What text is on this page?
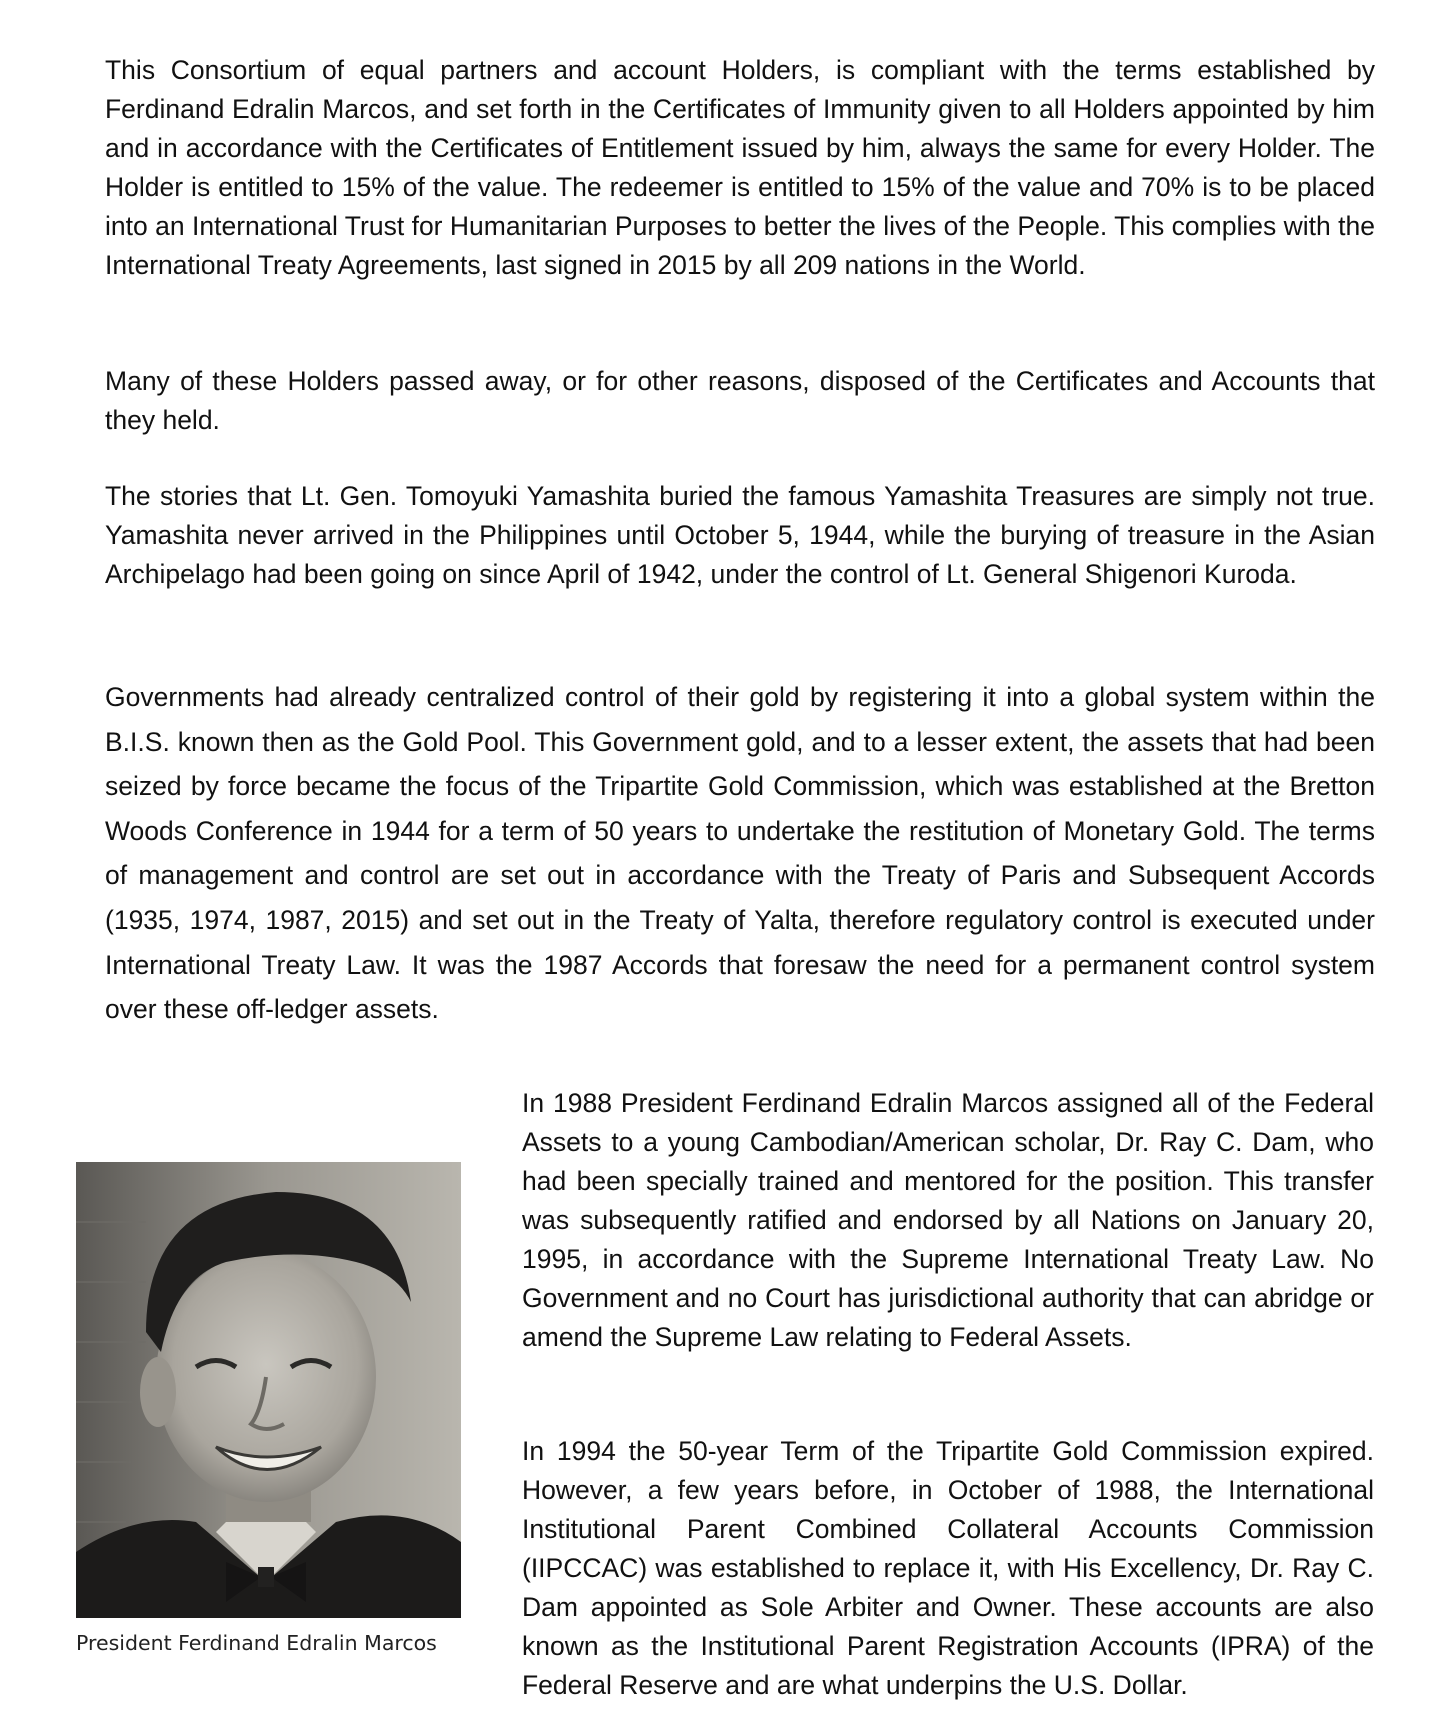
This Consortium of equal partners and account Holders, is compliant with the terms established by Ferdinand Edralin Marcos, and set forth in the Certificates of Immunity given to all Holders appointed by him and in accordance with the Certificates of Entitlement issued by him, always the same for every Holder. The Holder is entitled to 15% of the value. The redeemer is entitled to 15% of the value and 70% is to be placed into an International Trust for Humanitarian Purposes to better the lives of the People. This complies with the International Treaty Agreements, last signed in 2015 by all 209 nations in the World.

Many of these Holders passed away, or for other reasons, disposed of the Certificates and Accounts that they held.

The stories that Lt. Gen. Tomoyuki Yamashita buried the famous Yamashita Treasures are simply not true. Yamashita never arrived in the Philippines until October 5, 1944, while the burying of treasure in the Asian Archipelago had been going on since April of 1942, under the control of Lt. General Shigenori Kuroda.

Governments had already centralized control of their gold by registering it into a global system within the B.I.S. known then as the Gold Pool. This Government gold, and to a lesser extent, the assets that had been seized by force became the focus of the Tripartite Gold Commission, which was established at the Bretton Woods Conference in 1944 for a term of 50 years to undertake the restitution of Monetary Gold. The terms of management and control are set out in accordance with the Treaty of Paris and Subsequent Accords (1935, 1974, 1987, 2015) and set out in the Treaty of Yalta, therefore regulatory control is executed under International Treaty Law. It was the 1987 Accords that foresaw the need for a permanent control system over these off-ledger assets.

President Ferdinand Edralin Marcos

In 1988 President Ferdinand Edralin Marcos assigned all of the Federal Assets to a young Cambodian/American scholar, Dr. Ray C. Dam, who had been specially trained and mentored for the position. This transfer was subsequently ratified and endorsed by all Nations on January 20, 1995, in accordance with the Supreme International Treaty Law. No Government and no Court has jurisdictional authority that can abridge or amend the Supreme Law relating to Federal Assets.

In 1994 the 50-year Term of the Tripartite Gold Commission expired. However, a few years before, in October of 1988, the International Institutional Parent Combined Collateral Accounts Commission (IIPCCAC) was established to replace it, with His Excellency, Dr. Ray C. Dam appointed as Sole Arbiter and Owner. These accounts are also known as the Institutional Parent Registration Accounts (IPRA) of the Federal Reserve and are what underpins the U.S. Dollar.
